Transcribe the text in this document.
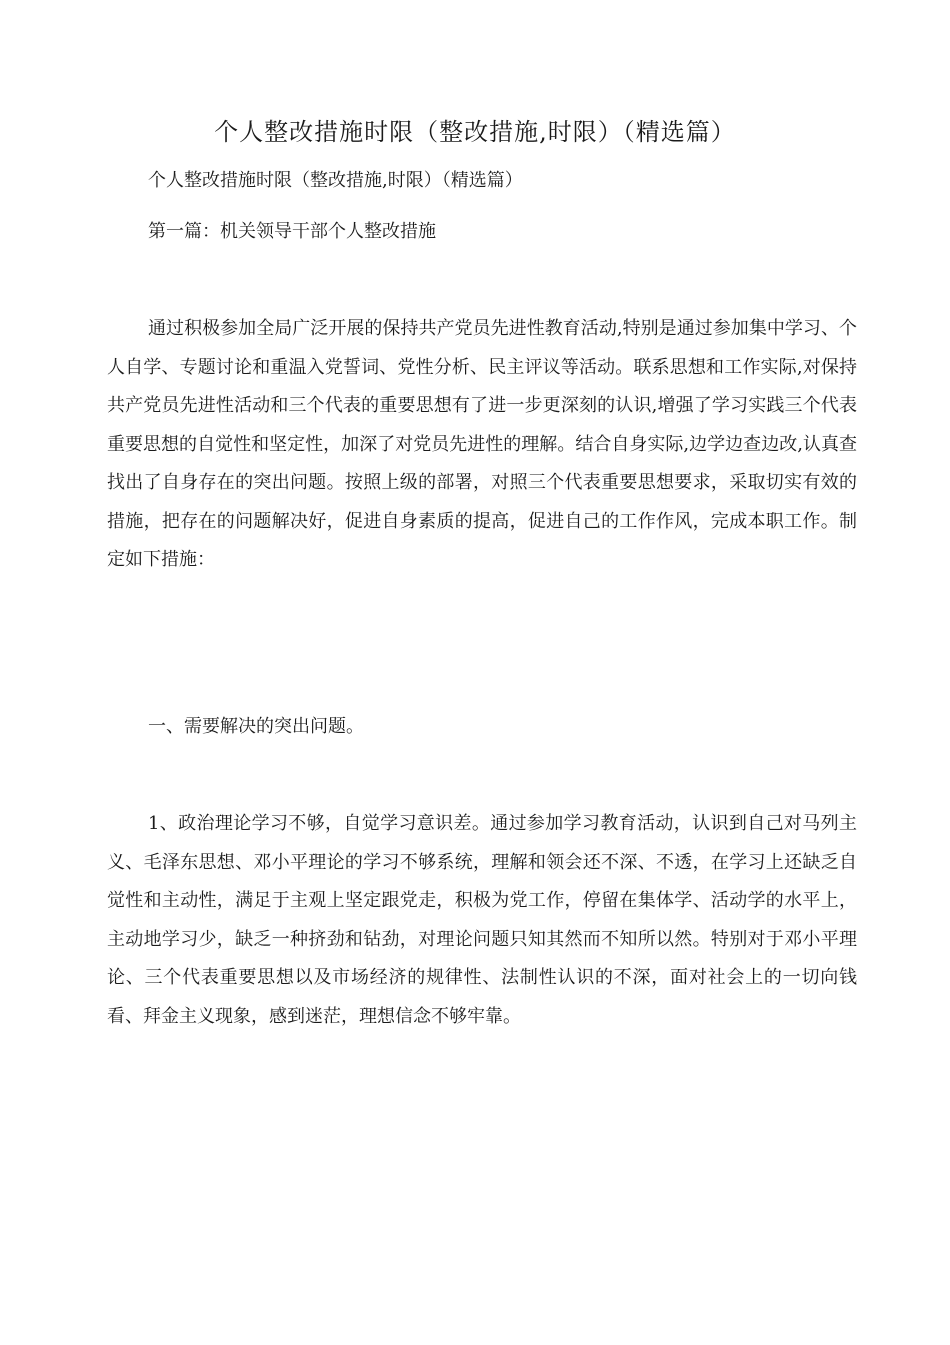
个人整改措施时限（整改措施,时限）（精选篇）

个人整改措施时限（整改措施,时限）（精选篇）

第一篇：机关领导干部个人整改措施

通过积极参加全局广泛开展的保持共产党员先进性教育活动,特别是通过参加集中学习、个人自学、专题讨论和重温入党誓词、党性分析、民主评议等活动。联系思想和工作实际,对保持共产党员先进性活动和三个代表的重要思想有了进一步更深刻的认识,增强了学习实践三个代表重要思想的自觉性和坚定性，加深了对党员先进性的理解。结合自身实际,边学边查边改,认真查找出了自身存在的突出问题。按照上级的部署，对照三个代表重要思想要求，采取切实有效的措施，把存在的问题解决好，促进自身素质的提高，促进自己的工作作风，完成本职工作。制定如下措施：

一、需要解决的突出问题。

1、政治理论学习不够，自觉学习意识差。通过参加学习教育活动，认识到自己对马列主义、毛泽东思想、邓小平理论的学习不够系统，理解和领会还不深、不透，在学习上还缺乏自觉性和主动性，满足于主观上坚定跟党走，积极为党工作，停留在集体学、活动学的水平上，主动地学习少，缺乏一种挤劲和钻劲，对理论问题只知其然而不知所以然。特别对于邓小平理论、三个代表重要思想以及市场经济的规律性、法制性认识的不深，面对社会上的一切向钱看、拜金主义现象，感到迷茫，理想信念不够牢靠。
